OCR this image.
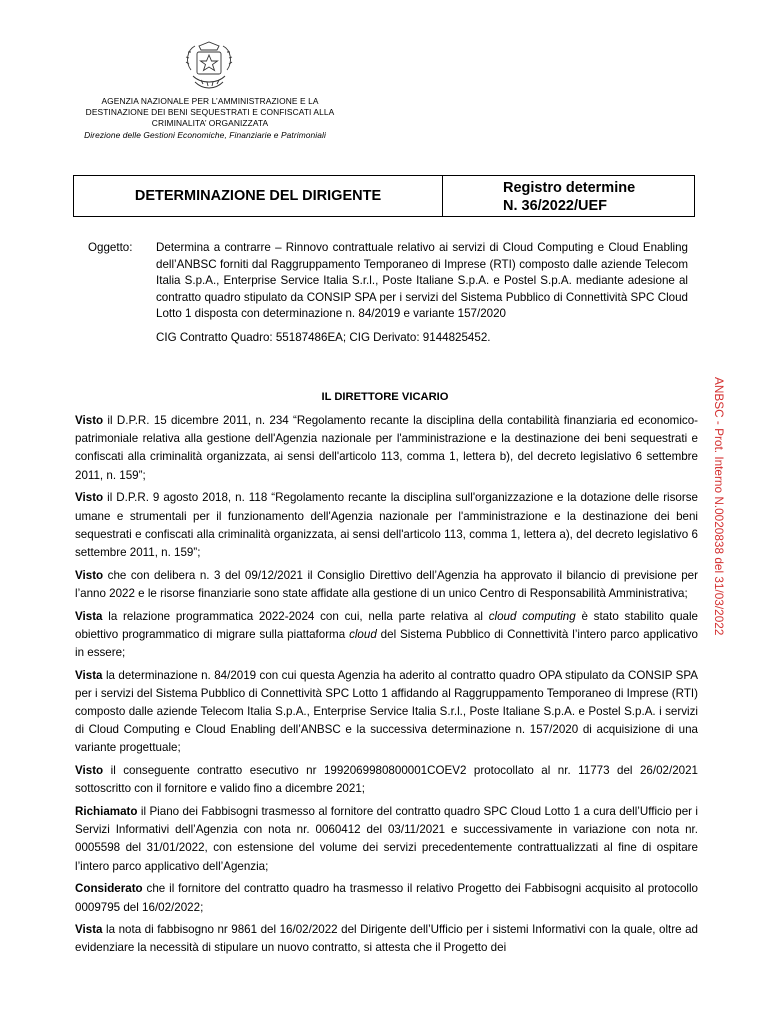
AGENZIA NAZIONALE PER L’AMMINISTRAZIONE E LA
DESTINAZIONE DEI BENI SEQUESTRATI E CONFISCATI ALLA
CRIMINALITA’ ORGANIZZATA
Direzione delle Gestioni Economiche, Finanziarie e Patrimoniali
DETERMINAZIONE DEL DIRIGENTE	Registro determine
N. 36/2022/UEF
Oggetto: Determina a contrarre – Rinnovo contrattuale relativo ai servizi di Cloud Computing e Cloud Enabling dell’ANBSC forniti dal Raggruppamento Temporaneo di Imprese (RTI) composto dalle aziende Telecom Italia S.p.A., Enterprise Service Italia S.r.l., Poste Italiane S.p.A. e Postel S.p.A. mediante adesione al contratto quadro stipulato da CONSIP SPA per i servizi del Sistema Pubblico di Connettività SPC Cloud Lotto 1 disposta con determinazione n. 84/2019 e variante 157/2020
CIG Contratto Quadro: 55187486EA; CIG Derivato: 9144825452.
IL DIRETTORE VICARIO

Visto il D.P.R. 15 dicembre 2011, n. 234 “Regolamento recante la disciplina della contabilità finanziaria ed economico-patrimoniale relativa alla gestione dell'Agenzia nazionale per l'amministrazione e la destinazione dei beni sequestrati e confiscati alla criminalità organizzata, ai sensi dell'articolo 113, comma 1, lettera b), del decreto legislativo 6 settembre 2011, n. 159”;

Visto il D.P.R. 9 agosto 2018, n. 118 “Regolamento recante la disciplina sull'organizzazione e la dotazione delle risorse umane e strumentali per il funzionamento dell'Agenzia nazionale per l'amministrazione e la destinazione dei beni sequestrati e confiscati alla criminalità organizzata, ai sensi dell'articolo 113, comma 1, lettera a), del decreto legislativo 6 settembre 2011, n. 159”;

Visto che con delibera n. 3 del 09/12/2021 il Consiglio Direttivo dell’Agenzia ha approvato il bilancio di previsione per l’anno 2022 e le risorse finanziarie sono state affidate alla gestione di un unico Centro di Responsabilità Amministrativa;

Vista la relazione programmatica 2022-2024 con cui, nella parte relativa al cloud computing è stato stabilito quale obiettivo programmatico di migrare sulla piattaforma cloud del Sistema Pubblico di Connettività l’intero parco applicativo in essere;

Vista la determinazione n. 84/2019 con cui questa Agenzia ha aderito al contratto quadro OPA stipulato da CONSIP SPA per i servizi del Sistema Pubblico di Connettività SPC Lotto 1 affidando al Raggruppamento Temporaneo di Imprese (RTI) composto dalle aziende Telecom Italia S.p.A., Enterprise Service Italia S.r.l., Poste Italiane S.p.A. e Postel S.p.A. i servizi di Cloud Computing e Cloud Enabling dell’ANBSC e la successiva determinazione n. 157/2020 di acquisizione di una variante progettuale;

Visto il conseguente contratto esecutivo nr 1992069980800001COEV2 protocollato al nr. 11773 del 26/02/2021 sottoscritto con il fornitore e valido fino a dicembre 2021;

Richiamato il Piano dei Fabbisogni trasmesso al fornitore del contratto quadro SPC Cloud Lotto 1 a cura dell’Ufficio per i Servizi Informativi dell’Agenzia con nota nr. 0060412 del 03/11/2021 e successivamente in variazione con nota nr. 0005598 del 31/01/2022, con estensione del volume dei servizi precedentemente contrattualizzati al fine di ospitare l’intero parco applicativo dell’Agenzia;

Considerato che il fornitore del contratto quadro ha trasmesso il relativo Progetto dei Fabbisogni acquisito al protocollo 0009795 del 16/02/2022;

Vista la nota di fabbisogno nr 9861 del 16/02/2022 del Dirigente dell’Ufficio per i sistemi Informativi con la quale, oltre ad evidenziare la necessità di stipulare un nuovo contratto, si attesta che il Progetto dei

ANBSC - Prot. Interno N.0020838 del 31/03/2022
